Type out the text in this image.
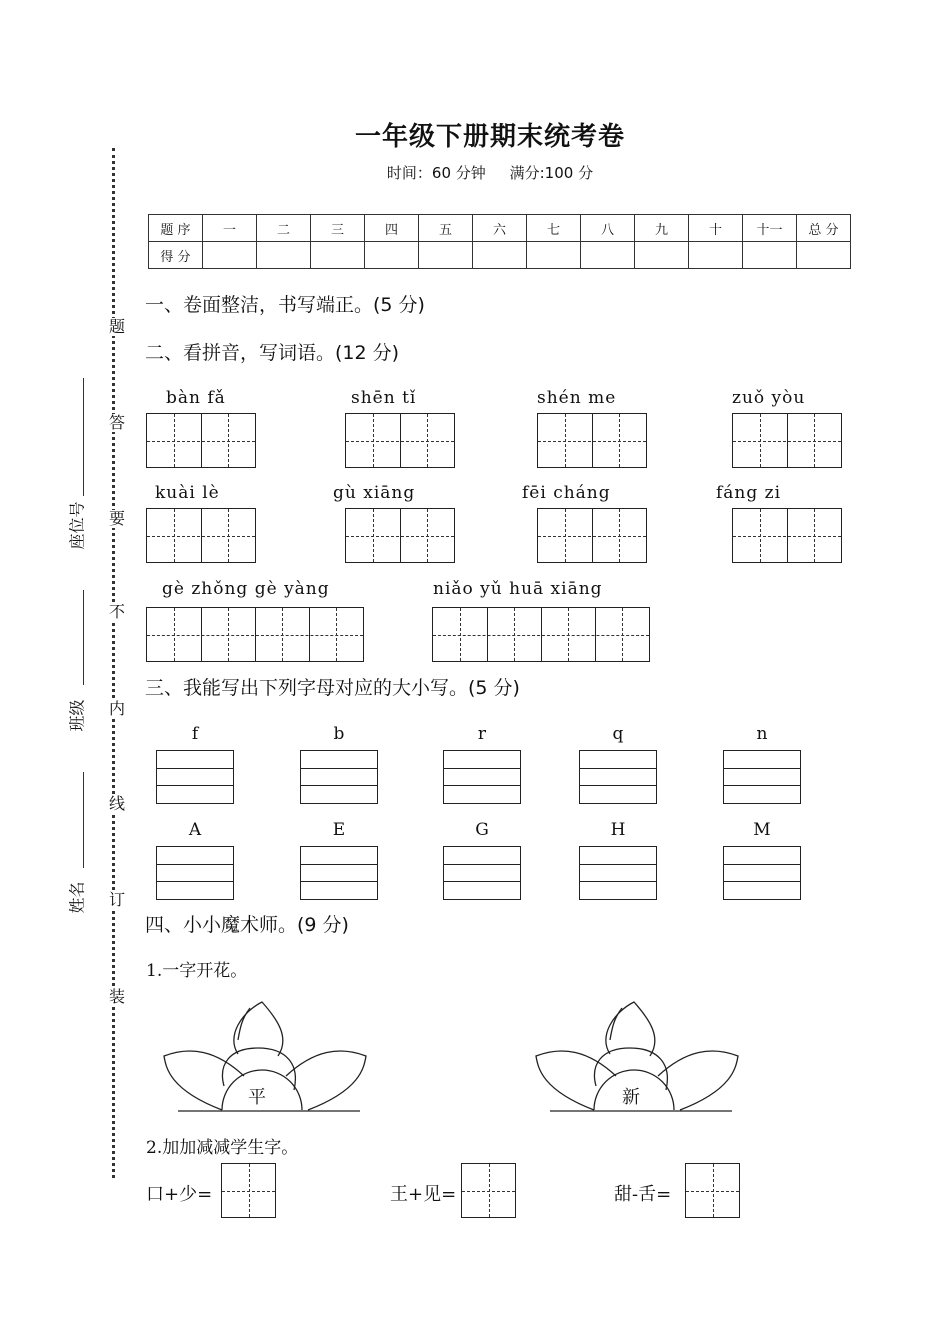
题
答
要
不
内
线
订
装
座位号
班级
姓名
一年级下册期末统考卷
时间：60 分钟     满分:100 分
题 序	一	二	三	四	五	六	七	八	九	十	十一	总 分
得 分												
一、卷面整洁，书写端正。(5 分)
二、看拼音，写词语。(12 分)
bàn fǎ	shēn tǐ	shén me	zuǒ yòu
kuài lè	gù xiāng	fēi cháng	fáng zi
gè zhǒng gè yàng	niǎo yǔ huā xiāng
三、我能写出下列字母对应的大小写。(5 分)
f	b	r	q	n
A	E	G	H	M
四、小小魔术师。(9 分)
1.一字开花。
平	新
2.加加减减学生字。
口+少=	王+见=	甜-舌=
